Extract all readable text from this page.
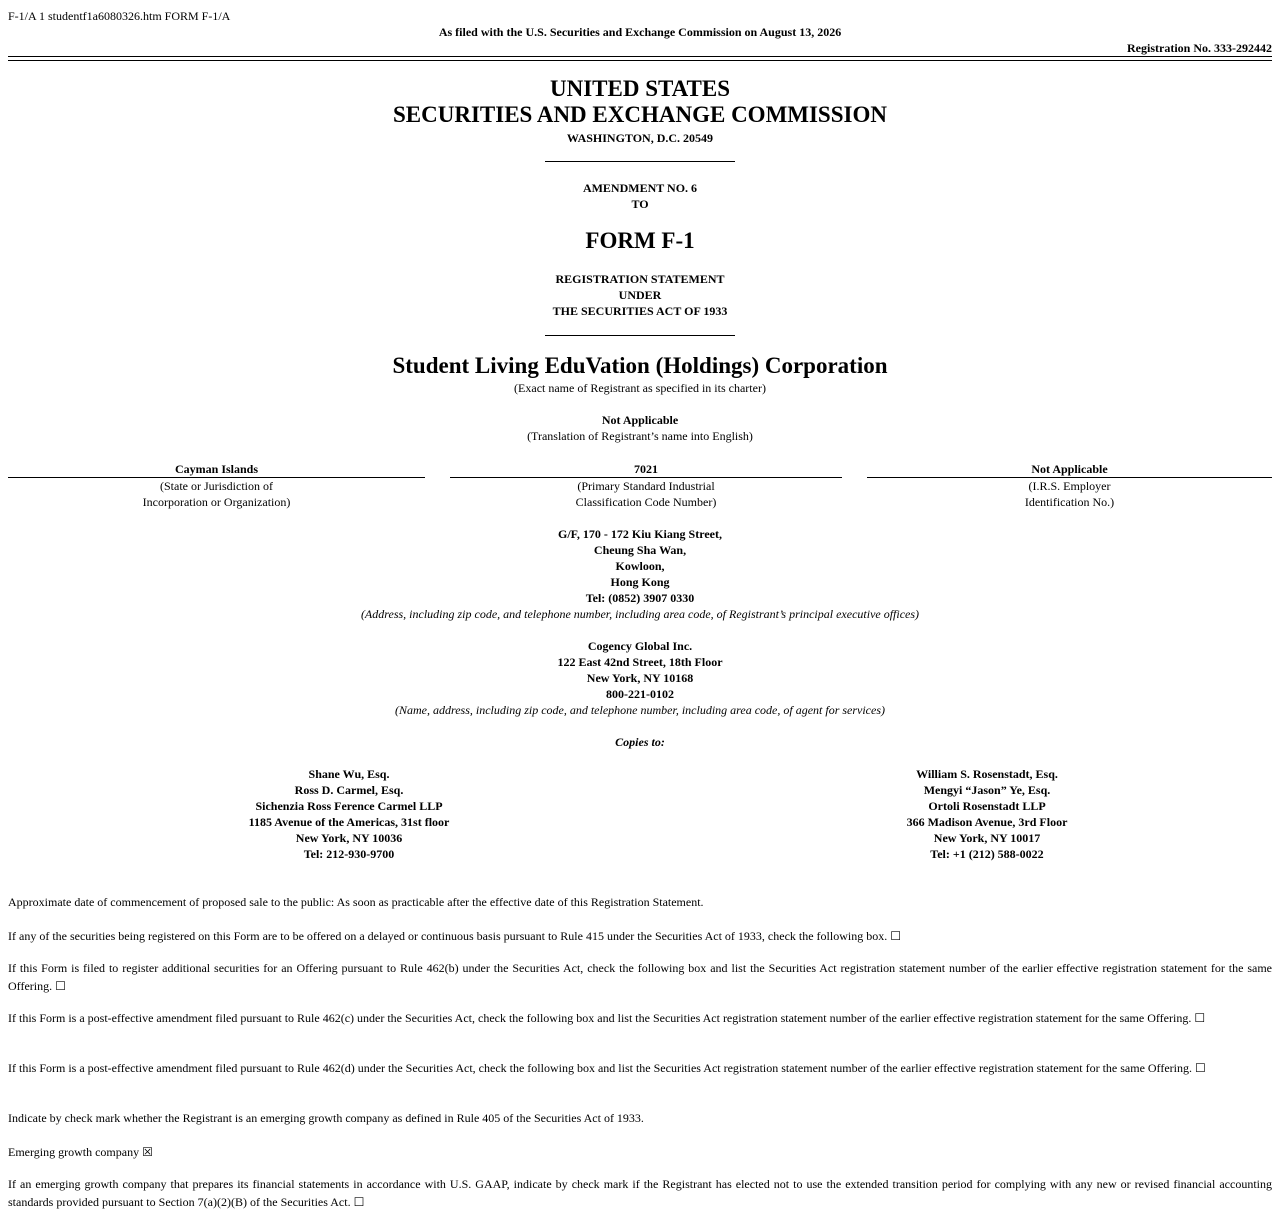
F-1/A 1 studentf1a6080326.htm FORM F-1/A
As filed with the U.S. Securities and Exchange Commission on August 13, 2026
Registration No. 333-292442
UNITED STATES
SECURITIES AND EXCHANGE COMMISSION
WASHINGTON, D.C. 20549
AMENDMENT NO. 6
TO
FORM F-1
REGISTRATION STATEMENT
UNDER
THE SECURITIES ACT OF 1933
Student Living EduVation (Holdings) Corporation
(Exact name of Registrant as specified in its charter)
Not Applicable
(Translation of Registrant’s name into English)
Cayman Islands
(State or Jurisdiction of
Incorporation or Organization)
7021
(Primary Standard Industrial
Classification Code Number)
Not Applicable
(I.R.S. Employer
Identification No.)
G/F, 170 - 172 Kiu Kiang Street,
Cheung Sha Wan,
Kowloon,
Hong Kong
Tel: (0852) 3907 0330
(Address, including zip code, and telephone number, including area code, of Registrant’s principal executive offices)
Cogency Global Inc.
122 East 42nd Street, 18th Floor
New York, NY 10168
800-221-0102
(Name, address, including zip code, and telephone number, including area code, of agent for services)
Copies to:
Shane Wu, Esq.
Ross D. Carmel, Esq.
Sichenzia Ross Ference Carmel LLP
1185 Avenue of the Americas, 31st floor
New York, NY 10036
Tel: 212-930-9700
William S. Rosenstadt, Esq.
Mengyi “Jason” Ye, Esq.
Ortoli Rosenstadt LLP
366 Madison Avenue, 3rd Floor
New York, NY 10017
Tel: +1 (212) 588-0022
Approximate date of commencement of proposed sale to the public: As soon as practicable after the effective date of this Registration Statement.
If any of the securities being registered on this Form are to be offered on a delayed or continuous basis pursuant to Rule 415 under the Securities Act of 1933, check the following box. ☐
If this Form is filed to register additional securities for an Offering pursuant to Rule 462(b) under the Securities Act, check the following box and list the Securities Act registration statement number of the earlier effective registration statement for the same Offering. ☐
If this Form is a post-effective amendment filed pursuant to Rule 462(c) under the Securities Act, check the following box and list the Securities Act registration statement number of the earlier effective registration statement for the same Offering. ☐
If this Form is a post-effective amendment filed pursuant to Rule 462(d) under the Securities Act, check the following box and list the Securities Act registration statement number of the earlier effective registration statement for the same Offering. ☐
Indicate by check mark whether the Registrant is an emerging growth company as defined in Rule 405 of the Securities Act of 1933.
Emerging growth company ☒
If an emerging growth company that prepares its financial statements in accordance with U.S. GAAP, indicate by check mark if the Registrant has elected not to use the extended transition period for complying with any new or revised financial accounting standards provided pursuant to Section 7(a)(2)(B) of the Securities Act. ☐
